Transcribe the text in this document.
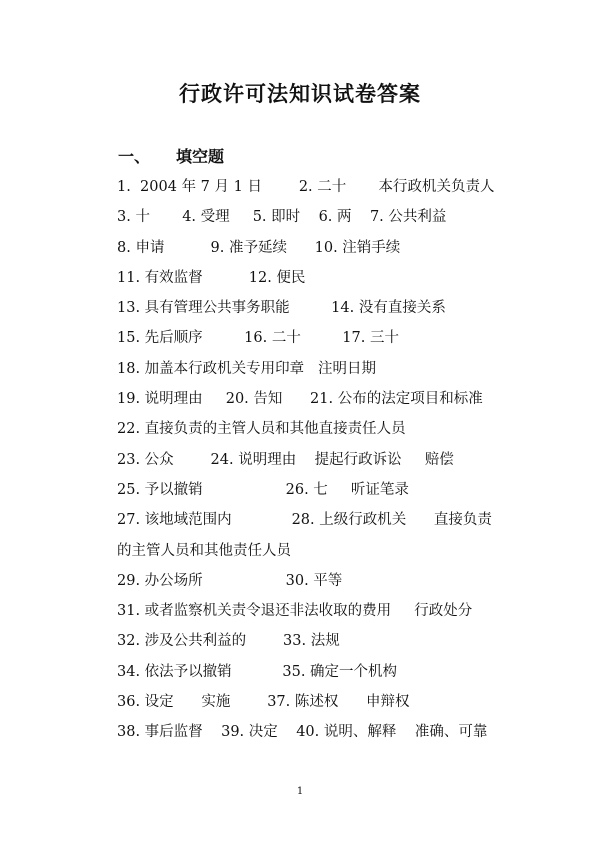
行政许可法知识试卷答案
一、 填空题
1.  2004 年 7 月 1 日        2. 二十       本行政机关负责人
3. 十       4. 受理     5. 即时    6. 两    7. 公共利益
8. 申请          9. 准予延续      10. 注销手续
11. 有效监督          12. 便民
13. 具有管理公共事务职能         14. 没有直接关系
15. 先后顺序         16. 二十         17. 三十
18. 加盖本行政机关专用印章   注明日期
19. 说明理由     20. 告知      21. 公布的法定项目和标准
22. 直接负责的主管人员和其他直接责任人员
23. 公众        24. 说明理由    提起行政诉讼     赔偿
25. 予以撤销                  26. 七     听证笔录
27. 该地域范围内             28. 上级行政机关      直接负责
的主管人员和其他责任人员
29. 办公场所                  30. 平等
31. 或者监察机关责令退还非法收取的费用     行政处分
32. 涉及公共利益的        33. 法规
34. 依法予以撤销           35. 确定一个机构
36. 设定      实施        37. 陈述权      申辩权
38. 事后监督    39. 决定    40. 说明、解释    准确、可靠
1
